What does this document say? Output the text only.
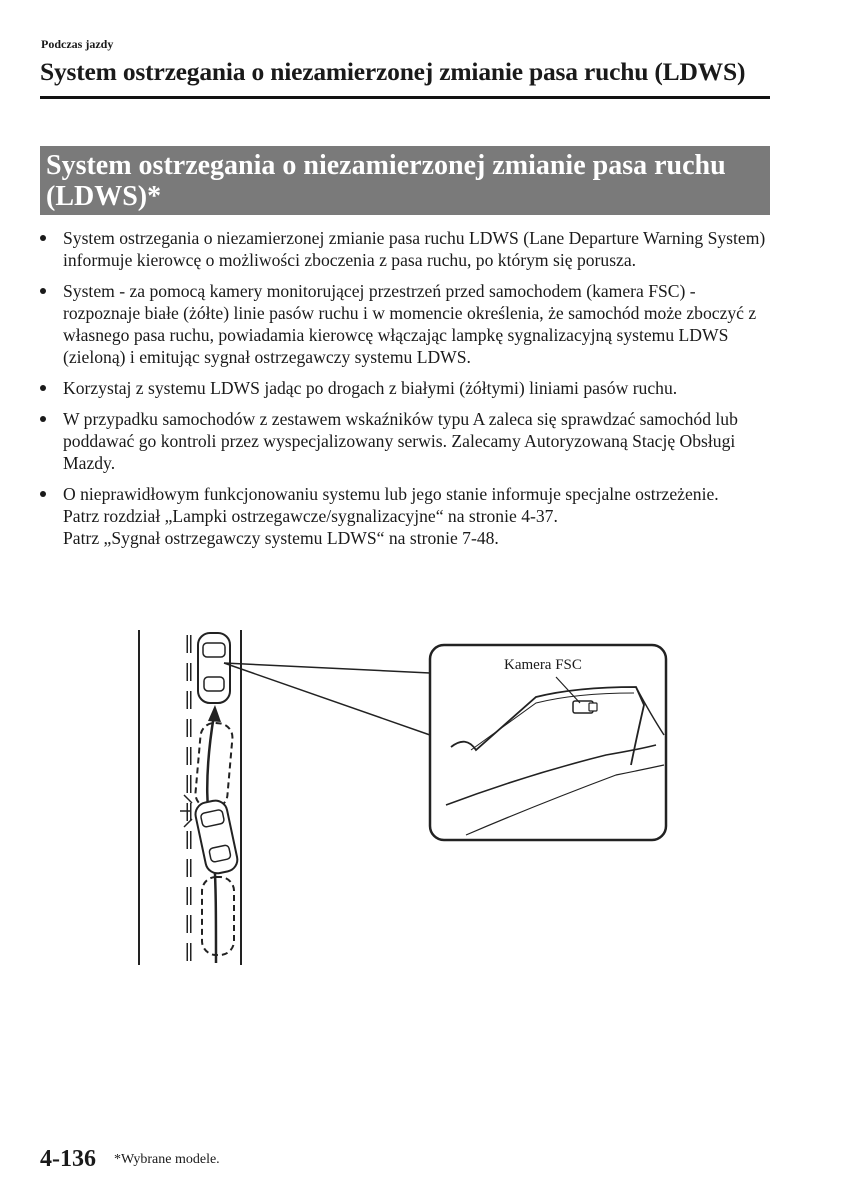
Podczas jazdy
System ostrzegania o niezamierzonej zmianie pasa ruchu (LDWS)
System ostrzegania o niezamierzonej zmianie pasa ruchu (LDWS)*
System ostrzegania o niezamierzonej zmianie pasa ruchu LDWS (Lane Departure Warning System) informuje kierowcę o możliwości zboczenia z pasa ruchu, po którym się porusza.
System - za pomocą kamery monitorującej przestrzeń przed samochodem (kamera FSC) - rozpoznaje białe (żółte) linie pasów ruchu i w momencie określenia, że samochód może zboczyć z własnego pasa ruchu, powiadamia kierowcę włączając lampkę sygnalizacyjną systemu LDWS (zieloną) i emitując sygnał ostrzegawczy systemu LDWS.
Korzystaj z systemu LDWS jadąc po drogach z białymi (żółtymi) liniami pasów ruchu.
W przypadku samochodów z zestawem wskaźników typu A zaleca się sprawdzać samochód lub poddawać go kontroli przez wyspecjalizowany serwis. Zalecamy Autoryzowaną Stację Obsługi Mazdy.
O nieprawidłowym funkcjonowaniu systemu lub jego stanie informuje specjalne ostrzeżenie.
Patrz rozdział „Lampki ostrzegawcze/sygnalizacyjne“ na stronie 4-37.
Patrz „Sygnał ostrzegawczy systemu LDWS“ na stronie 7-48.
Kamera FSC
4-136 *Wybrane modele.
